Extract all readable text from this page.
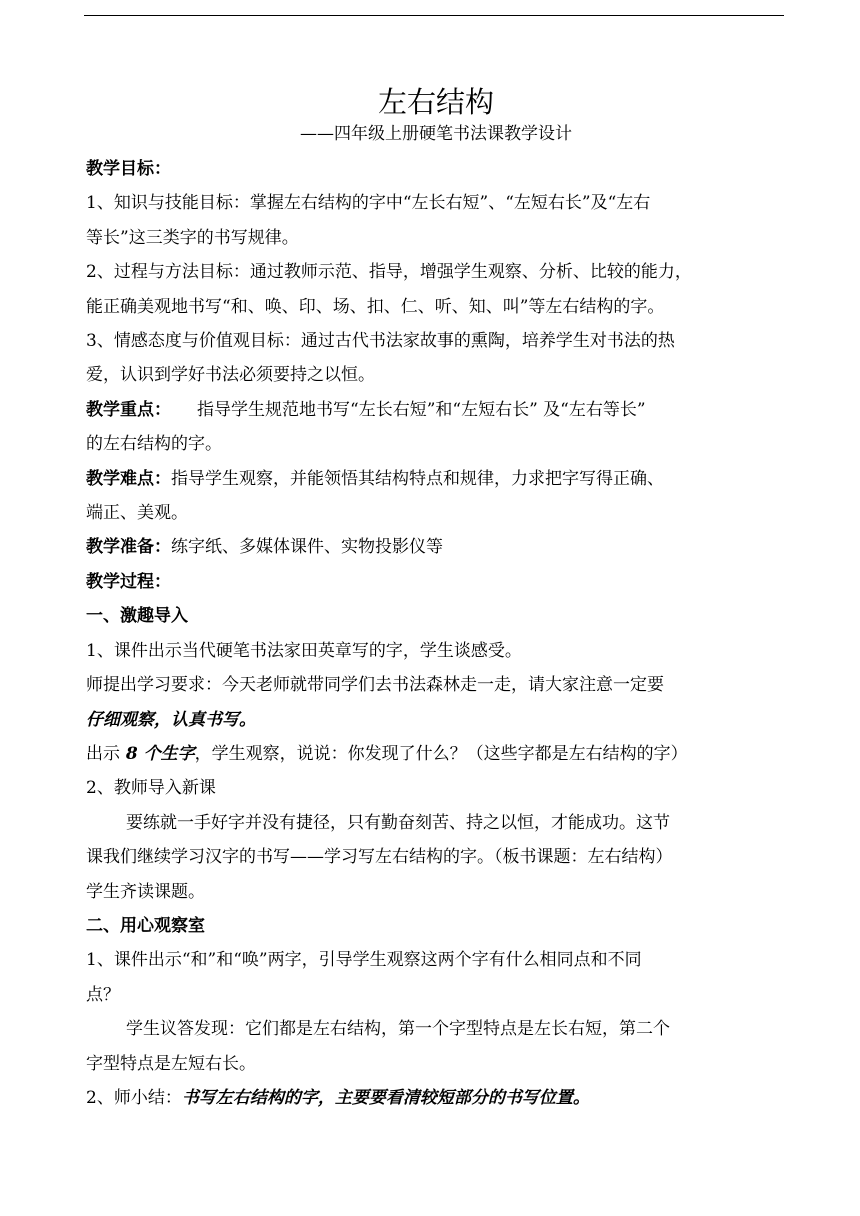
左右结构
——四年级上册硬笔书法课教学设计
教学目标：
1、知识与技能目标：掌握左右结构的字中“左长右短”、“左短右长”及“左右
等长”这三类字的书写规律。
2、过程与方法目标：通过教师示范、指导，增强学生观察、分析、比较的能力，
能正确美观地书写“和、唤、印、场、扣、仁、听、知、叫”等左右结构的字。
3、情感态度与价值观目标：通过古代书法家故事的熏陶，培养学生对书法的热
爱，认识到学好书法必须要持之以恒。
教学重点： 指导学生规范地书写“左长右短”和“左短右长” 及“左右等长”
的左右结构的字。
教学难点：指导学生观察，并能领悟其结构特点和规律，力求把字写得正确、
端正、美观。
教学准备：练字纸、多媒体课件、实物投影仪等
教学过程：
一、激趣导入
1、课件出示当代硬笔书法家田英章写的字，学生谈感受。
师提出学习要求：今天老师就带同学们去书法森林走一走，请大家注意一定要
仔细观察，认真书写。
出示 8 个生字，学生观察，说说：你发现了什么？（这些字都是左右结构的字）
2、教师导入新课
要练就一手好字并没有捷径，只有勤奋刻苦、持之以恒，才能成功。这节
课我们继续学习汉字的书写——学习写左右结构的字。（板书课题：左右结构）
学生齐读课题。
二、用心观察室
1、课件出示“和”和“唤”两字，引导学生观察这两个字有什么相同点和不同
点？
学生议答发现：它们都是左右结构，第一个字型特点是左长右短，第二个
字型特点是左短右长。
2、师小结：书写左右结构的字，主要要看清较短部分的书写位置。
